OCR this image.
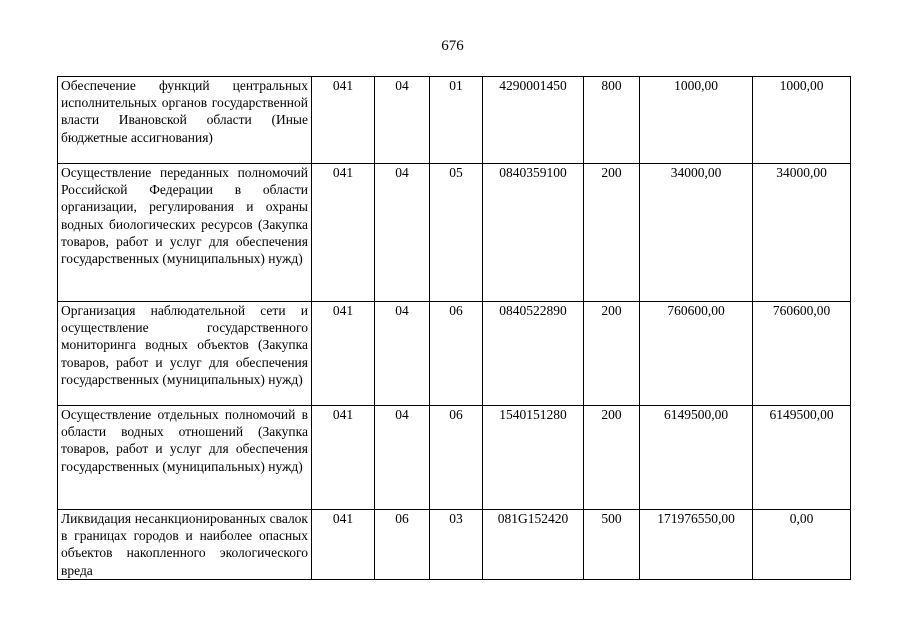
676
Обеспечение функций центральных исполнительных органов государственной власти Ивановской области (Иные бюджетные ассигнования)	041	04	01	4290001450	800	1000,00	1000,00
Осуществление переданных полномочий Российской Федерации в области организации, регулирования и охраны водных биологических ресурсов (Закупка товаров, работ и услуг для обеспечения государственных (муниципальных) нужд)	041	04	05	0840359100	200	34000,00	34000,00
Организация наблюдательной сети и осуществление государственного мониторинга водных объектов (Закупка товаров, работ и услуг для обеспечения государственных (муниципальных) нужд)	041	04	06	0840522890	200	760600,00	760600,00
Осуществление отдельных полномочий в области водных отношений (Закупка товаров, работ и услуг для обеспечения государственных (муниципальных) нужд)	041	04	06	1540151280	200	6149500,00	6149500,00
Ликвидация несанкционированных свалок в границах городов и наиболее опасных объектов накопленного экологического вреда	041	06	03	081G152420	500	171976550,00	0,00
